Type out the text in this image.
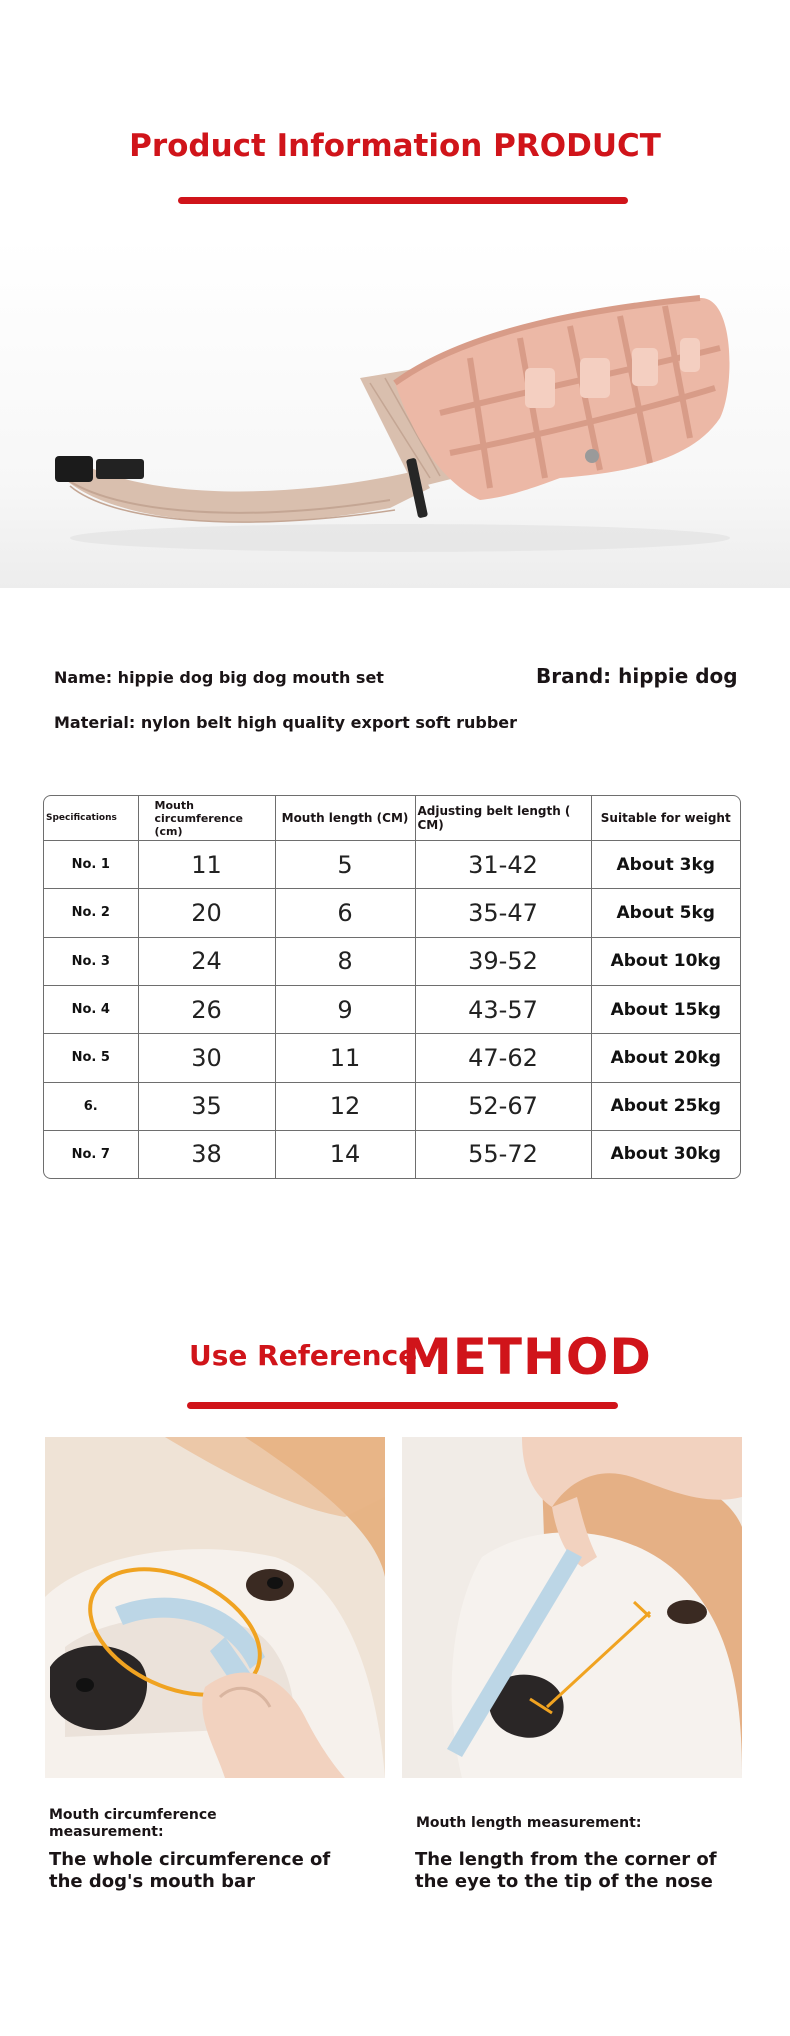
Product Information PRODUCT
Name: hippie dog big dog mouth set	Brand: hippie dog
Material: nylon belt high quality export soft rubber
Specifications	Mouth circumference (cm)	Mouth length (CM)	Adjusting belt length ( CM)	Suitable for weight
No. 1	11	5	31-42	About 3kg
No. 2	20	6	35-47	About 5kg
No. 3	24	8	39-52	About 10kg
No. 4	26	9	43-57	About 15kg
No. 5	30	11	47-62	About 20kg
6.	35	12	52-67	About 25kg
No. 7	38	14	55-72	About 30kg
Use Reference
METHOD
Mouth circumference measurement:
The whole circumference of the dog's mouth bar
Mouth length measurement:
The length from the corner of the eye to the tip of the nose
